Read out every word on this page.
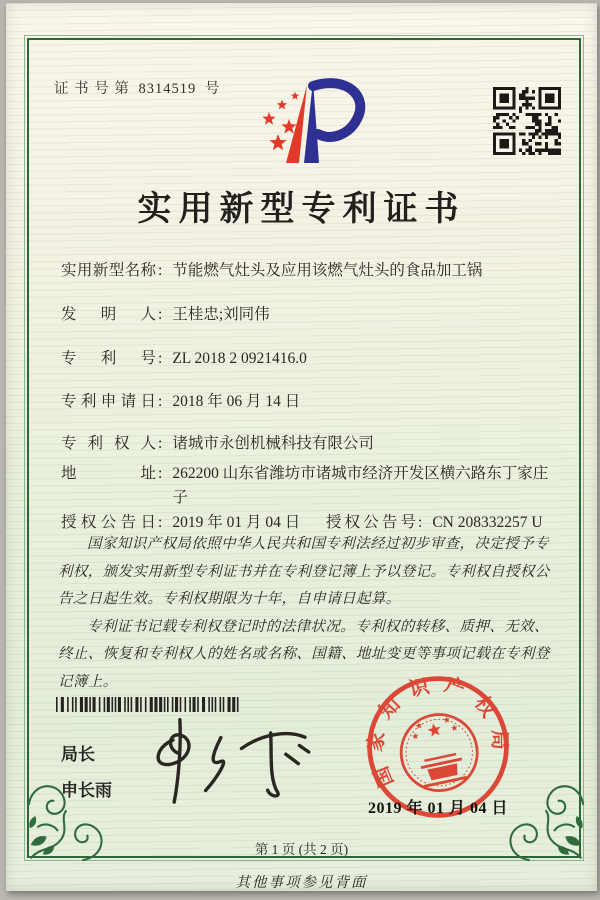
证 书 号 第 8314519 号
实用新型专利证书
实用新型名称 : 节能燃气灶头及应用该燃气灶头的食品加工锅
发明人 : 王桂忠;刘同伟
专利号 : ZL 2018 2 0921416.0
专利申请日 : 2018 年 06 月 14 日
专利权人 : 诸城市永创机械科技有限公司
地址 : 262200 山东省潍坊市诸城市经济开发区横六路东丁家庄子
授权公告日 : 2019 年 01 月 04 日	授权公告号 : CN 208332257 U

国家知识产权局依照中华人民共和国专利法经过初步审查，决定授予专利权，颁发实用新型专利证书并在专利登记簿上予以登记。专利权自授权公告之日起生效。专利权期限为十年，自申请日起算。

专利证书记载专利权登记时的法律状况。专利权的转移、质押、无效、终止、恢复和专利权人的姓名或名称、国籍、地址变更等事项记载在专利登记簿上。

局长
申长雨
国家知识产权局
2019 年 01 月 04 日
第 1 页 (共 2 页)
其他事项参见背面
